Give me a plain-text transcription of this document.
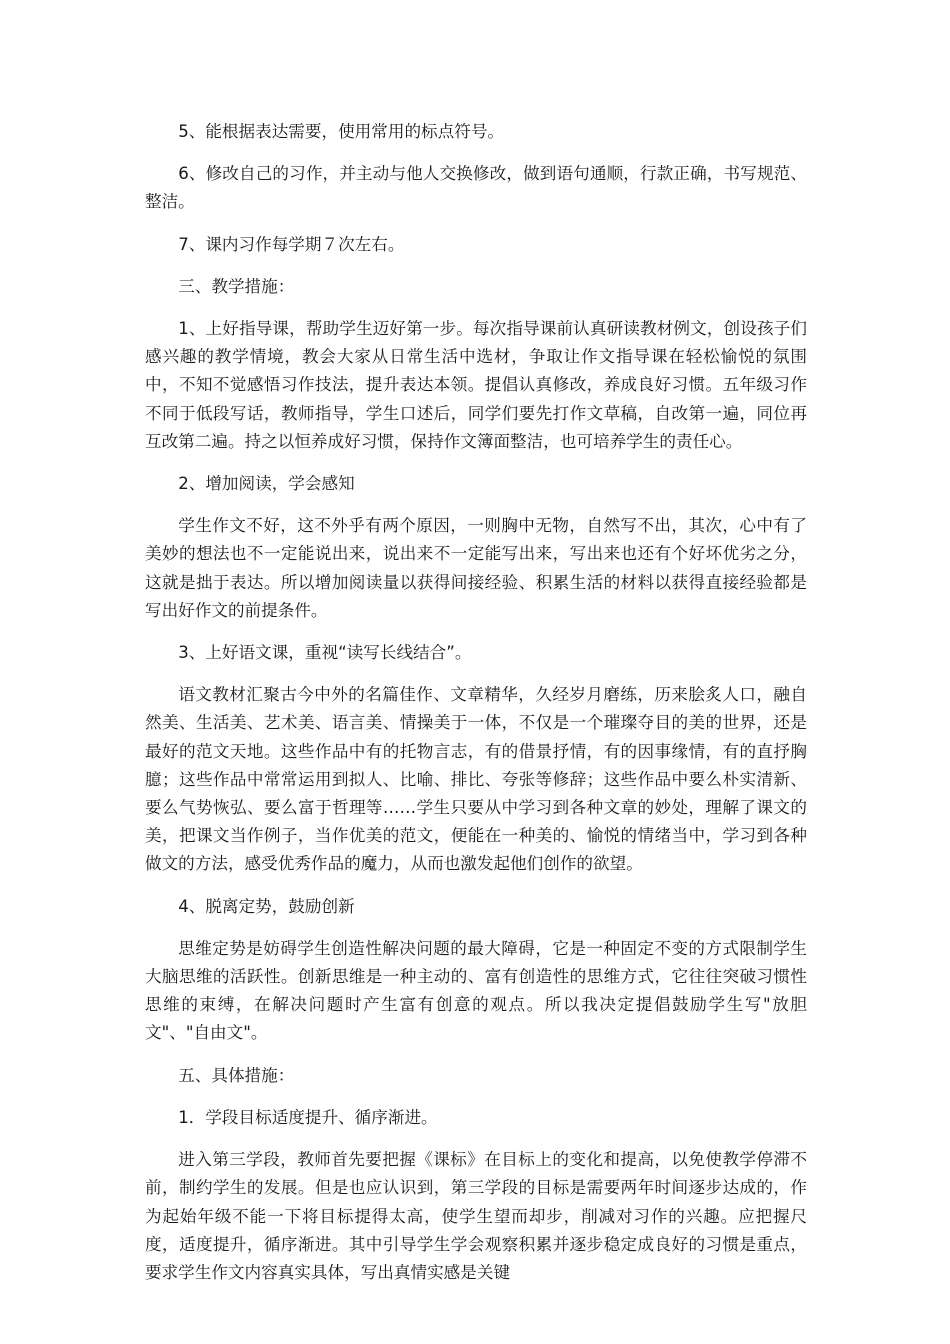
5、能根据表达需要，使用常用的标点符号。

6、修改自己的习作，并主动与他人交换修改，做到语句通顺，行款正确，书写规范、整洁。

7、课内习作每学期７次左右。

三、教学措施：

1、上好指导课，帮助学生迈好第一步。每次指导课前认真研读教材例文，创设孩子们感兴趣的教学情境，教会大家从日常生活中选材，争取让作文指导课在轻松愉悦的氛围中，不知不觉感悟习作技法，提升表达本领。提倡认真修改，养成良好习惯。五年级习作不同于低段写话，教师指导，学生口述后，同学们要先打作文草稿，自改第一遍，同位再互改第二遍。持之以恒养成好习惯，保持作文簿面整洁，也可培养学生的责任心。

2、增加阅读，学会感知

学生作文不好，这不外乎有两个原因，一则胸中无物，自然写不出，其次，心中有了美妙的想法也不一定能说出来，说出来不一定能写出来，写出来也还有个好坏优劣之分，这就是拙于表达。所以增加阅读量以获得间接经验、积累生活的材料以获得直接经验都是写出好作文的前提条件。

3、上好语文课，重视“读写长线结合”。

语文教材汇聚古今中外的名篇佳作、文章精华，久经岁月磨练，历来脍炙人口，融自然美、生活美、艺术美、语言美、情操美于一体，不仅是一个璀璨夺目的美的世界，还是最好的范文天地。这些作品中有的托物言志，有的借景抒情，有的因事缘情，有的直抒胸臆；这些作品中常常运用到拟人、比喻、排比、夸张等修辞；这些作品中要么朴实清新、要么气势恢弘、要么富于哲理等……学生只要从中学习到各种文章的妙处，理解了课文的美，把课文当作例子，当作优美的范文，便能在一种美的、愉悦的情绪当中，学习到各种做文的方法，感受优秀作品的魔力，从而也激发起他们创作的欲望。

4、脱离定势，鼓励创新

思维定势是妨碍学生创造性解决问题的最大障碍，它是一种固定不变的方式限制学生大脑思维的活跃性。创新思维是一种主动的、富有创造性的思维方式，它往往突破习惯性思维的束缚，在解决问题时产生富有创意的观点。所以我决定提倡鼓励学生写"放胆文"、"自由文"。

五、具体措施：

1．学段目标适度提升、循序渐进。

进入第三学段，教师首先要把握《课标》在目标上的变化和提高，以免使教学停滞不前，制约学生的发展。但是也应认识到，第三学段的目标是需要两年时间逐步达成的，作为起始年级不能一下将目标提得太高，使学生望而却步，削减对习作的兴趣。应把握尺度，适度提升，循序渐进。其中引导学生学会观察积累并逐步稳定成良好的习惯是重点，要求学生作文内容真实具体，写出真情实感是关键
